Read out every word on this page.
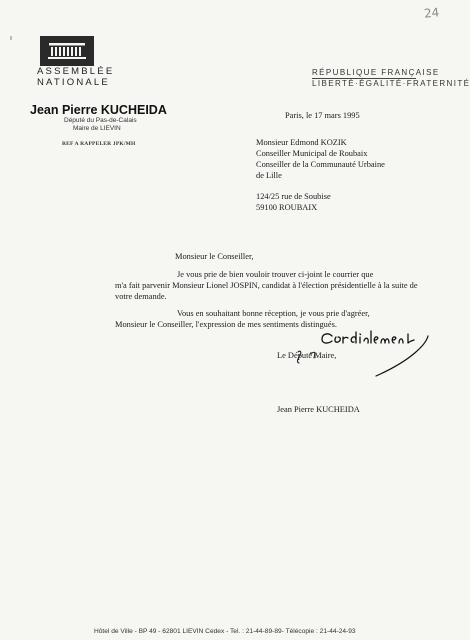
24
ASSEMBLÉE
NATIONALE
RÉPUBLIQUE FRANÇAISE
LIBERTÉ·ÉGALITÉ·FRATERNITÉ
Jean Pierre KUCHEIDA
Député du Pas-de-Calais
Maire de LIEVIN
REF A RAPPELER JPK/MH
Paris, le 17 mars 1995
Monsieur Edmond KOZIK
Conseiller Municipal de Roubaix
Conseiller de la Communauté Urbaine
de Lille
124/25 rue de Soubise
59100 ROUBAIX
Monsieur le Conseiller,
Je vous prie de bien vouloir trouver ci-joint le courrier que
m'a fait parvenir Monsieur Lionel JOSPIN, candidat à l'élection présidentielle à la suite de
votre demande.
Vous en souhaitant bonne réception, je vous prie d'agréer,
Monsieur le Conseiller, l'expression de mes sentiments distingués.
Le Député Maire,
Jean Pierre KUCHEIDA
Hôtel de Ville - BP 49 - 62801 LIEVIN Cedex - Tel. : 21-44-89-89- Télécopie : 21-44-24-93
